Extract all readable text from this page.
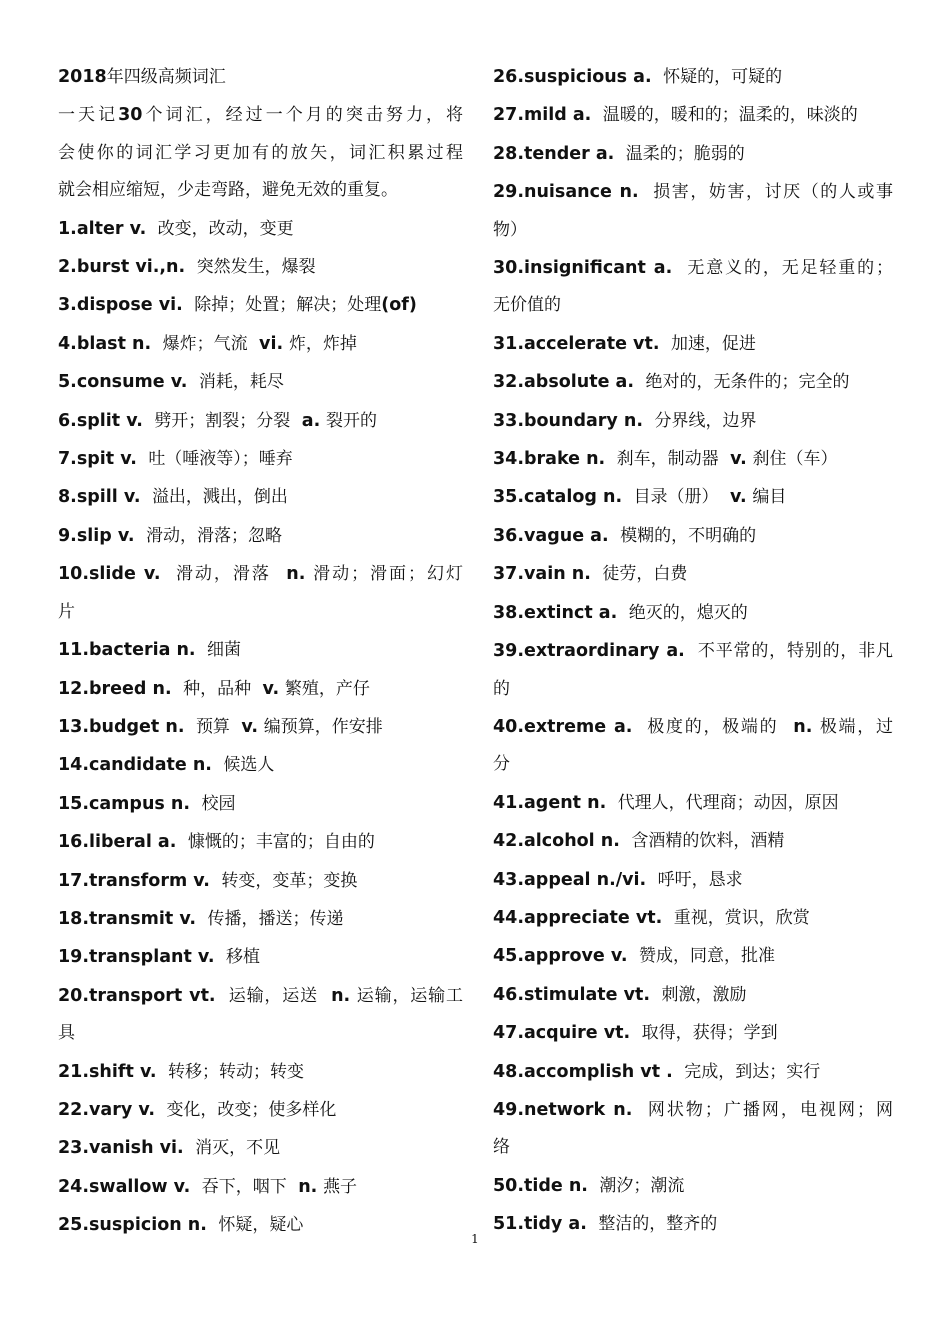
2018年四级高频词汇
一天记30个词汇，经过一个月的突击努力，将
会使你的词汇学习更加有的放矢，词汇积累过程
就会相应缩短，少走弯路，避免无效的重复。
1.alter v. 改变，改动，变更
2.burst vi.,n. 突然发生，爆裂
3.dispose vi. 除掉；处置；解决；处理(of)
4.blast n. 爆炸；气流 vi. 炸，炸掉
5.consume v. 消耗，耗尽
6.split v. 劈开；割裂；分裂 a. 裂开的
7.spit v. 吐（唾液等）；唾弃
8.spill v. 溢出，溅出，倒出
9.slip v. 滑动，滑落；忽略
10.slide v. 滑动，滑落 n. 滑动；滑面；幻灯
片
11.bacteria n. 细菌
12.breed n. 种，品种 v. 繁殖，产仔
13.budget n. 预算 v. 编预算，作安排
14.candidate n. 候选人
15.campus n. 校园
16.liberal a. 慷慨的；丰富的；自由的
17.transform v. 转变，变革；变换
18.transmit v. 传播，播送；传递
19.transplant v. 移植
20.transport vt. 运输，运送 n. 运输，运输工
具
21.shift v. 转移；转动；转变
22.vary v. 变化，改变；使多样化
23.vanish vi. 消灭，不见
24.swallow v. 吞下，咽下 n. 燕子
25.suspicion n. 怀疑，疑心
26.suspicious a. 怀疑的，可疑的
27.mild a. 温暖的，暖和的；温柔的，味淡的
28.tender a. 温柔的；脆弱的
29.nuisance n. 损害，妨害，讨厌（的人或事
物）
30.insignificant a. 无意义的，无足轻重的；
无价值的
31.accelerate vt. 加速，促进
32.absolute a. 绝对的，无条件的；完全的
33.boundary n. 分界线，边界
34.brake n. 刹车，制动器 v. 刹住（车）
35.catalog n. 目录（册） v. 编目
36.vague a. 模糊的，不明确的
37.vain n. 徒劳，白费
38.extinct a. 绝灭的，熄灭的
39.extraordinary a. 不平常的，特别的，非凡
的
40.extreme a. 极度的，极端的 n. 极端，过
分
41.agent n. 代理人，代理商；动因，原因
42.alcohol n. 含酒精的饮料，酒精
43.appeal n./vi. 呼吁，恳求
44.appreciate vt. 重视，赏识，欣赏
45.approve v. 赞成，同意，批准
46.stimulate vt. 刺激，激励
47.acquire vt. 取得，获得；学到
48.accomplish vt . 完成，到达；实行
49.network n. 网状物；广播网，电视网；网
络
50.tide n. 潮汐；潮流
51.tidy a. 整洁的，整齐的
1
